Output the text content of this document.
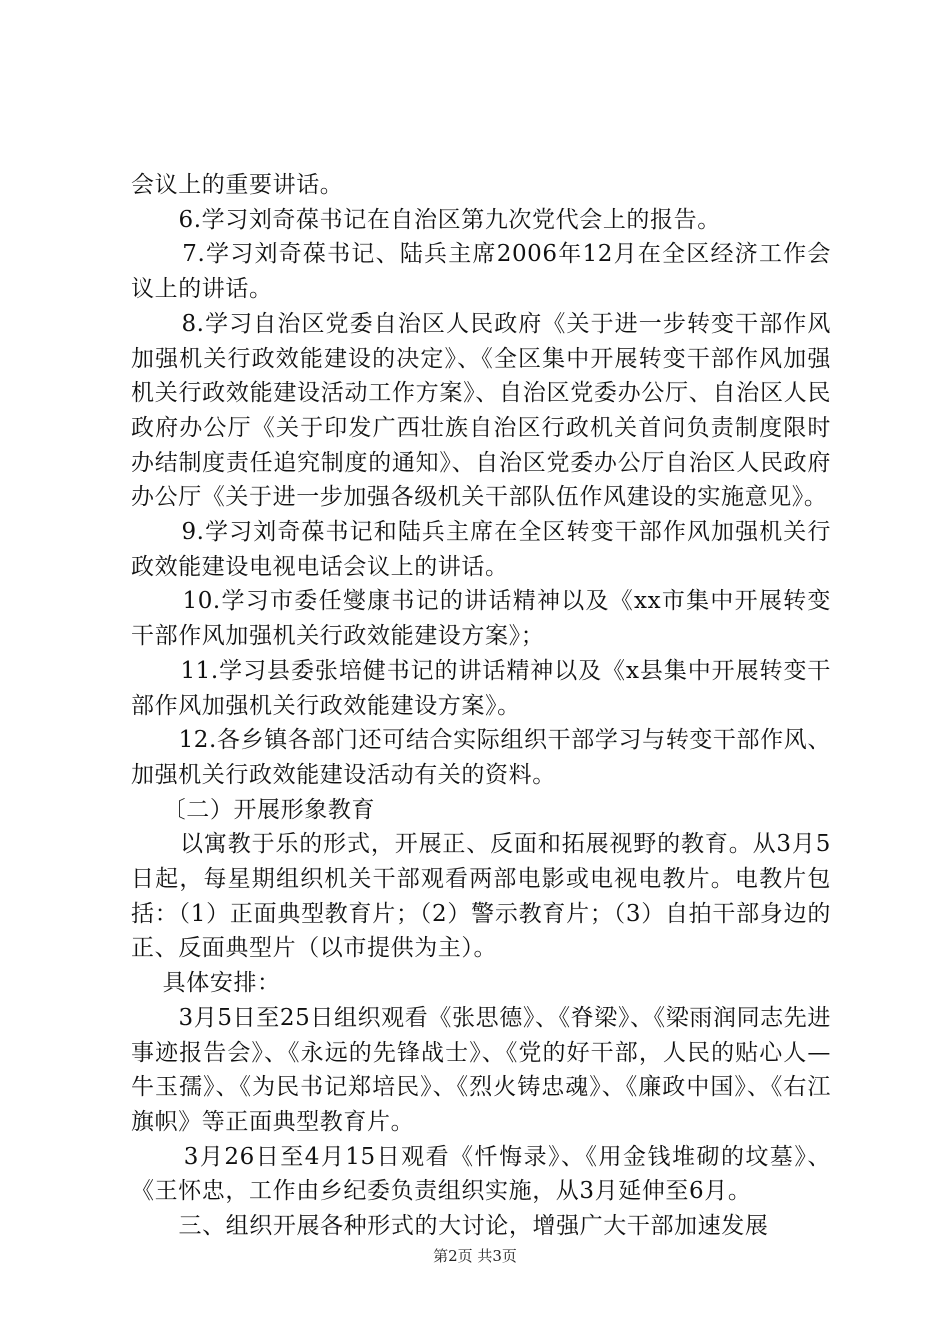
会议上的重要讲话。

6.学习刘奇葆书记在自治区第九次党代会上的报告。

7.学习刘奇葆书记、陆兵主席2006年12月在全区经济工作会议上的讲话。

8.学习自治区党委自治区人民政府《关于进一步转变干部作风加强机关行政效能建设的决定》、《全区集中开展转变干部作风加强机关行政效能建设活动工作方案》、自治区党委办公厅、自治区人民政府办公厅《关于印发广西壮族自治区行政机关首问负责制度限时办结制度责任追究制度的通知》、自治区党委办公厅自治区人民政府办公厅《关于进一步加强各级机关干部队伍作风建设的实施意见》。

9.学习刘奇葆书记和陆兵主席在全区转变干部作风加强机关行政效能建设电视电话会议上的讲话。

10.学习市委任燮康书记的讲话精神以及《xx市集中开展转变干部作风加强机关行政效能建设方案》；

11.学习县委张培健书记的讲话精神以及《x县集中开展转变干部作风加强机关行政效能建设方案》。

12.各乡镇各部门还可结合实际组织干部学习与转变干部作风、加强机关行政效能建设活动有关的资料。

〔二）开展形象教育

以寓教于乐的形式，开展正、反面和拓展视野的教育。从3月5日起，每星期组织机关干部观看两部电影或电视电教片。电教片包括：（1）正面典型教育片；（2）警示教育片；（3）自拍干部身边的正、反面典型片（以市提供为主）。

具体安排：

3月5日至25日组织观看《张思德》、《脊梁》、《梁雨润同志先进事迹报告会》、《永远的先锋战士》、《党的好干部，人民的贴心人—牛玉孺》、《为民书记郑培民》、《烈火铸忠魂》、《廉政中国》、《右江旗帜》等正面典型教育片。

3月26日至4月15日观看《忏悔录》、《用金钱堆砌的坟墓》、《王怀忠，工作由乡纪委负责组织实施，从3月延伸至6月。

三、组织开展各种形式的大讨论，增强广大干部加速发展

第2页 共3页
